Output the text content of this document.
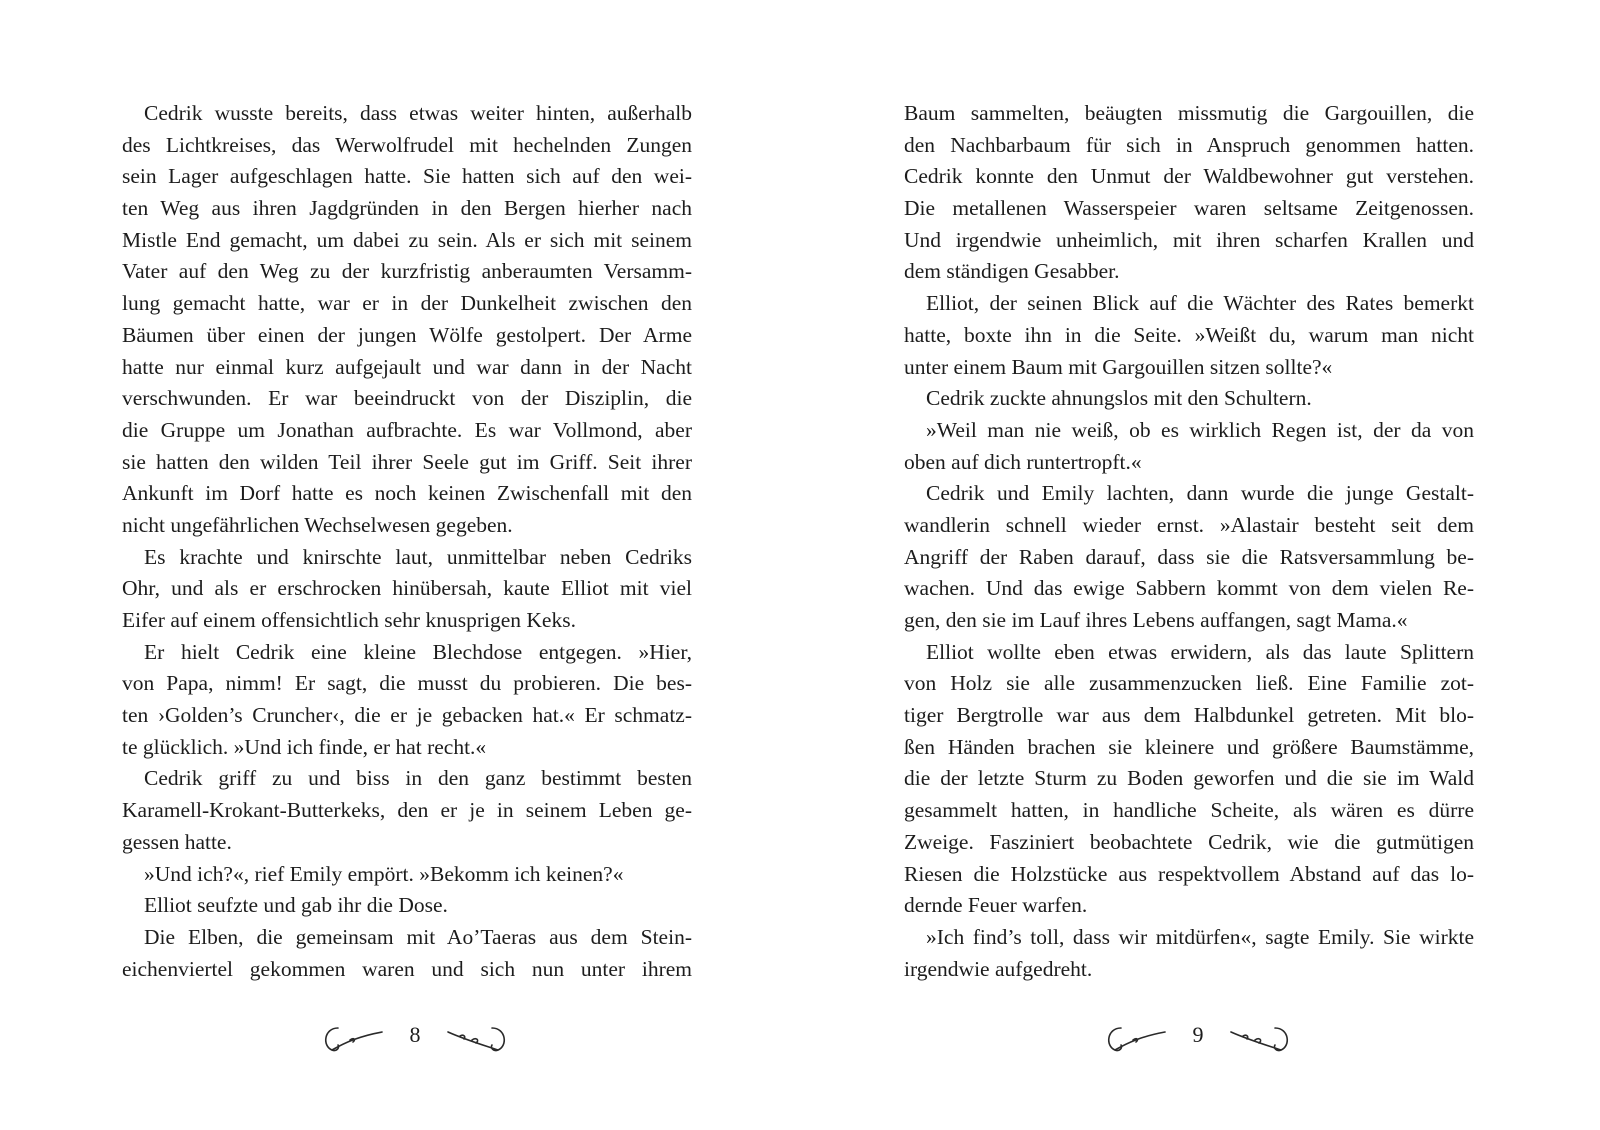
Cedrik wusste bereits, dass etwas weiter hinten, außerhalb
des Lichtkreises, das Werwolfrudel mit hechelnden Zungen
sein Lager aufgeschlagen hatte. Sie hatten sich auf den wei-
ten Weg aus ihren Jagdgründen in den Bergen hierher nach
Mistle End gemacht, um dabei zu sein. Als er sich mit seinem
Vater auf den Weg zu der kurzfristig anberaumten Versamm-
lung gemacht hatte, war er in der Dunkelheit zwischen den
Bäumen über einen der jungen Wölfe gestolpert. Der Arme
hatte nur einmal kurz aufgejault und war dann in der Nacht
verschwunden. Er war beeindruckt von der Disziplin, die
die Gruppe um Jonathan aufbrachte. Es war Vollmond, aber
sie hatten den wilden Teil ihrer Seele gut im Griff. Seit ihrer
Ankunft im Dorf hatte es noch keinen Zwischenfall mit den
nicht ungefährlichen Wechselwesen gegeben.
Es krachte und knirschte laut, unmittelbar neben Cedriks
Ohr, und als er erschrocken hinübersah, kaute Elliot mit viel
Eifer auf einem offensichtlich sehr knusprigen Keks.
Er hielt Cedrik eine kleine Blechdose entgegen. »Hier,
von Papa, nimm! Er sagt, die musst du probieren. Die bes-
ten ›Golden’s Cruncher‹, die er je gebacken hat.« Er schmatz-
te glücklich. »Und ich finde, er hat recht.«
Cedrik griff zu und biss in den ganz bestimmt besten
Karamell-Krokant-Butterkeks, den er je in seinem Leben ge-
gessen hatte.
»Und ich?«, rief Emily empört. »Bekomm ich keinen?«
Elliot seufzte und gab ihr die Dose.
Die Elben, die gemeinsam mit Ao’Taeras aus dem Stein-
eichenviertel gekommen waren und sich nun unter ihrem
Baum sammelten, beäugten missmutig die Gargouillen, die
den Nachbarbaum für sich in Anspruch genommen hatten.
Cedrik konnte den Unmut der Waldbewohner gut verstehen.
Die metallenen Wasserspeier waren seltsame Zeitgenossen.
Und irgendwie unheimlich, mit ihren scharfen Krallen und
dem ständigen Gesabber.
Elliot, der seinen Blick auf die Wächter des Rates bemerkt
hatte, boxte ihn in die Seite. »Weißt du, warum man nicht
unter einem Baum mit Gargouillen sitzen sollte?«
Cedrik zuckte ahnungslos mit den Schultern.
»Weil man nie weiß, ob es wirklich Regen ist, der da von
oben auf dich runtertropft.«
Cedrik und Emily lachten, dann wurde die junge Gestalt-
wandlerin schnell wieder ernst. »Alastair besteht seit dem
Angriff der Raben darauf, dass sie die Ratsversammlung be-
wachen. Und das ewige Sabbern kommt von dem vielen Re-
gen, den sie im Lauf ihres Lebens auffangen, sagt Mama.«
Elliot wollte eben etwas erwidern, als das laute Splittern
von Holz sie alle zusammenzucken ließ. Eine Familie zot-
tiger Bergtrolle war aus dem Halbdunkel getreten. Mit blo-
ßen Händen brachen sie kleinere und größere Baumstämme,
die der letzte Sturm zu Boden geworfen und die sie im Wald
gesammelt hatten, in handliche Scheite, als wären es dürre
Zweige. Fasziniert beobachtete Cedrik, wie die gutmütigen
Riesen die Holzstücke aus respektvollem Abstand auf das lo-
dernde Feuer warfen.
»Ich find’s toll, dass wir mitdürfen«, sagte Emily. Sie wirkte
irgendwie aufgedreht.
8	9
